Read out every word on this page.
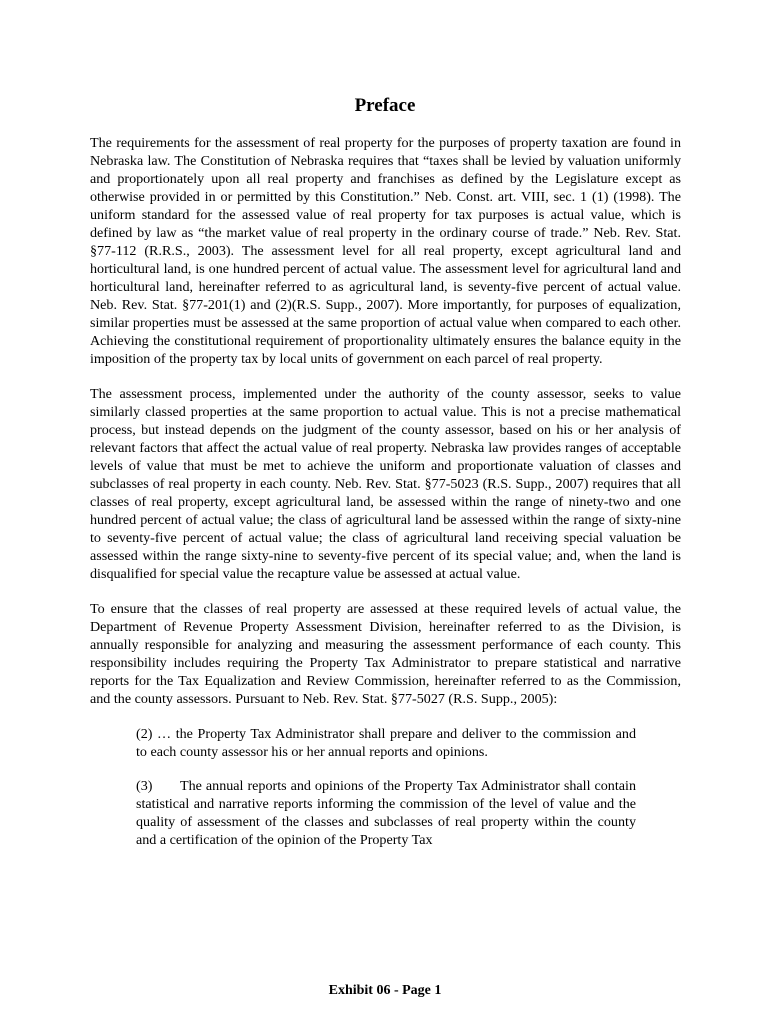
Preface

The requirements for the assessment of real property for the purposes of property taxation are found in Nebraska law. The Constitution of Nebraska requires that “taxes shall be levied by valuation uniformly and proportionately upon all real property and franchises as defined by the Legislature except as otherwise provided in or permitted by this Constitution.” Neb. Const. art. VIII, sec. 1 (1) (1998). The uniform standard for the assessed value of real property for tax purposes is actual value, which is defined by law as “the market value of real property in the ordinary course of trade.” Neb. Rev. Stat. §77-112 (R.R.S., 2003). The assessment level for all real property, except agricultural land and horticultural land, is one hundred percent of actual value. The assessment level for agricultural land and horticultural land, hereinafter referred to as agricultural land, is seventy-five percent of actual value. Neb. Rev. Stat. §77-201(1) and (2)(R.S. Supp., 2007). More importantly, for purposes of equalization, similar properties must be assessed at the same proportion of actual value when compared to each other. Achieving the constitutional requirement of proportionality ultimately ensures the balance equity in the imposition of the property tax by local units of government on each parcel of real property.

The assessment process, implemented under the authority of the county assessor, seeks to value similarly classed properties at the same proportion to actual value. This is not a precise mathematical process, but instead depends on the judgment of the county assessor, based on his or her analysis of relevant factors that affect the actual value of real property. Nebraska law provides ranges of acceptable levels of value that must be met to achieve the uniform and proportionate valuation of classes and subclasses of real property in each county. Neb. Rev. Stat. §77-5023 (R.S. Supp., 2007) requires that all classes of real property, except agricultural land, be assessed within the range of ninety-two and one hundred percent of actual value; the class of agricultural land be assessed within the range of sixty-nine to seventy-five percent of actual value; the class of agricultural land receiving special valuation be assessed within the range sixty-nine to seventy-five percent of its special value; and, when the land is disqualified for special value the recapture value be assessed at actual value.

To ensure that the classes of real property are assessed at these required levels of actual value, the Department of Revenue Property Assessment Division, hereinafter referred to as the Division, is annually responsible for analyzing and measuring the assessment performance of each county. This responsibility includes requiring the Property Tax Administrator to prepare statistical and narrative reports for the Tax Equalization and Review Commission, hereinafter referred to as the Commission, and the county assessors. Pursuant to Neb. Rev. Stat. §77-5027 (R.S. Supp., 2005):

(2) … the Property Tax Administrator shall prepare and deliver to the commission and to each county assessor his or her annual reports and opinions.
(3) The annual reports and opinions of the Property Tax Administrator shall contain statistical and narrative reports informing the commission of the level of value and the quality of assessment of the classes and subclasses of real property within the county and a certification of the opinion of the Property Tax
Exhibit 06 - Page 1
